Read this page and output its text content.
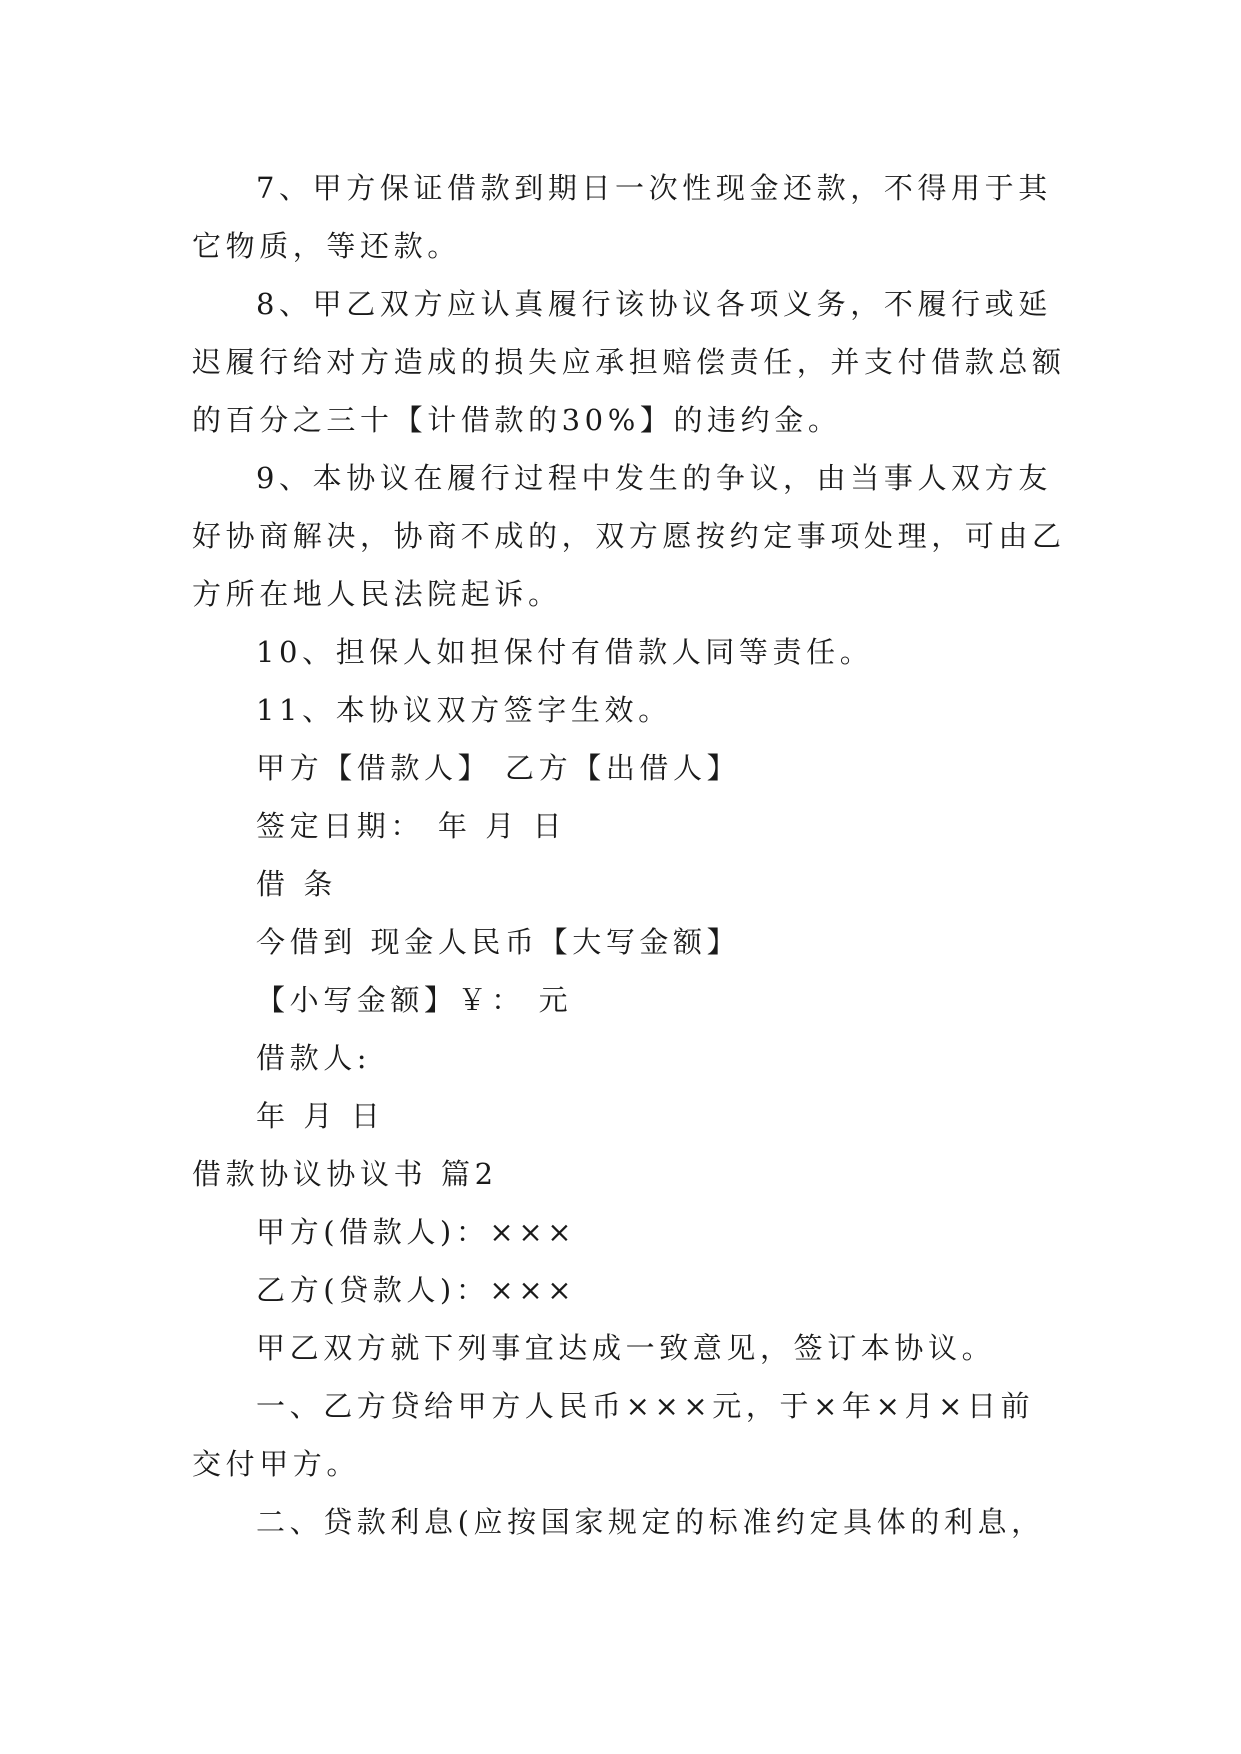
7、甲方保证借款到期日一次性现金还款，不得用于其
它物质，等还款。
8、甲乙双方应认真履行该协议各项义务，不履行或延
迟履行给对方造成的损失应承担赔偿责任，并支付借款总额
的百分之三十【计借款的30%】的违约金。
9、本协议在履行过程中发生的争议，由当事人双方友
好协商解决，协商不成的，双方愿按约定事项处理，可由乙
方所在地人民法院起诉。
10、担保人如担保付有借款人同等责任。
11、本协议双方签字生效。
甲方【借款人】 乙方【出借人】
签定日期： 年 月 日
借 条
今借到 现金人民币【大写金额】
【小写金额】￥： 元
借款人:
年 月 日
借款协议协议书 篇2
甲方(借款人)：×××
乙方(贷款人)：×××
甲乙双方就下列事宜达成一致意见，签订本协议。
一、乙方贷给甲方人民币×××元，于×年×月×日前
交付甲方。
二、贷款利息(应按国家规定的标准约定具体的利息，
